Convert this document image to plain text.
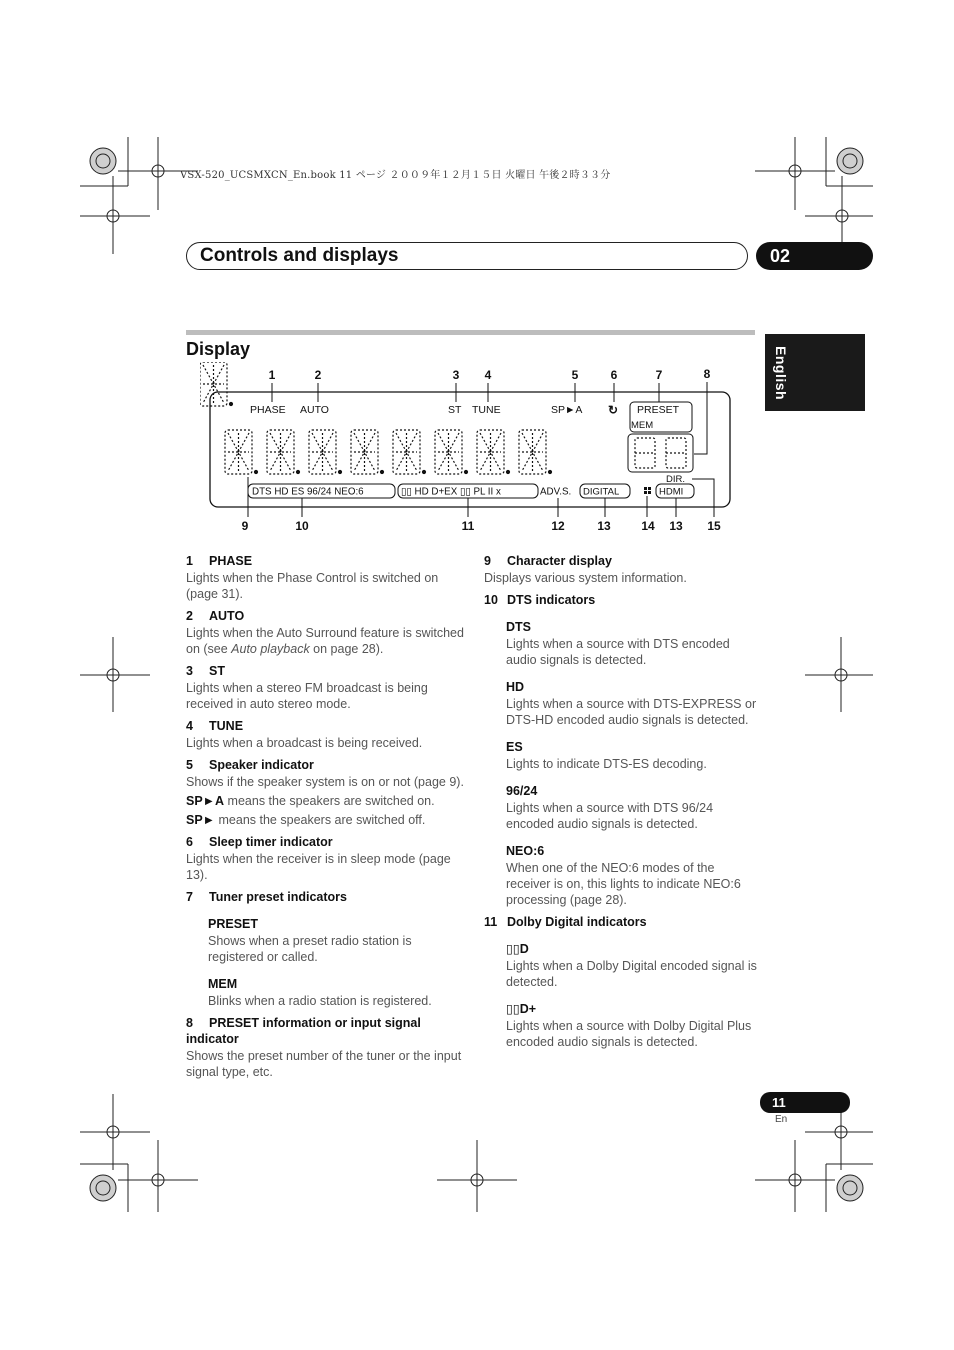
VSX-520_UCSMXCN_En.book 11 ページ ２００９年１２月１５日 火曜日 午後２時３３分
Controls and displays	02
English
Display
1	2	3 4	5	6	7	8
PHASE AUTO	ST TUNE	SP►A ↻ PRESET
MEM
DIR.
DTS HD ES 96/24 NEO:6	▯▯ HD D+EX ▯▯ PL II x	ADV.S. DIGITAL	HDMI
9	10	11	12	13	14 13 15
1 PHASE
Lights when the Phase Control is switched on (page 31).
2 AUTO
Lights when the Auto Surround feature is switched on (see Auto playback on page 28).
3 ST
Lights when a stereo FM broadcast is being received in auto stereo mode.
4 TUNE
Lights when a broadcast is being received.
5 Speaker indicator
Shows if the speaker system is on or not (page 9).
SP►A means the speakers are switched on.
SP► means the speakers are switched off.
6 Sleep timer indicator
Lights when the receiver is in sleep mode (page 13).
7 Tuner preset indicators
PRESET
Shows when a preset radio station is registered or called.
MEM
Blinks when a radio station is registered.
8 PRESET information or input signal indicator
Shows the preset number of the tuner or the input signal type, etc.
9 Character display
Displays various system information.
10 DTS indicators
DTS
Lights when a source with DTS encoded audio signals is detected.
HD
Lights when a source with DTS-EXPRESS or DTS-HD encoded audio signals is detected.
ES
Lights to indicate DTS-ES decoding.
96/24
Lights when a source with DTS 96/24 encoded audio signals is detected.
NEO:6
When one of the NEO:6 modes of the receiver is on, this lights to indicate NEO:6 processing (page 28).
11 Dolby Digital indicators
▯▯D
Lights when a Dolby Digital encoded signal is detected.
▯▯D+
Lights when a source with Dolby Digital Plus encoded audio signals is detected.
11
En
